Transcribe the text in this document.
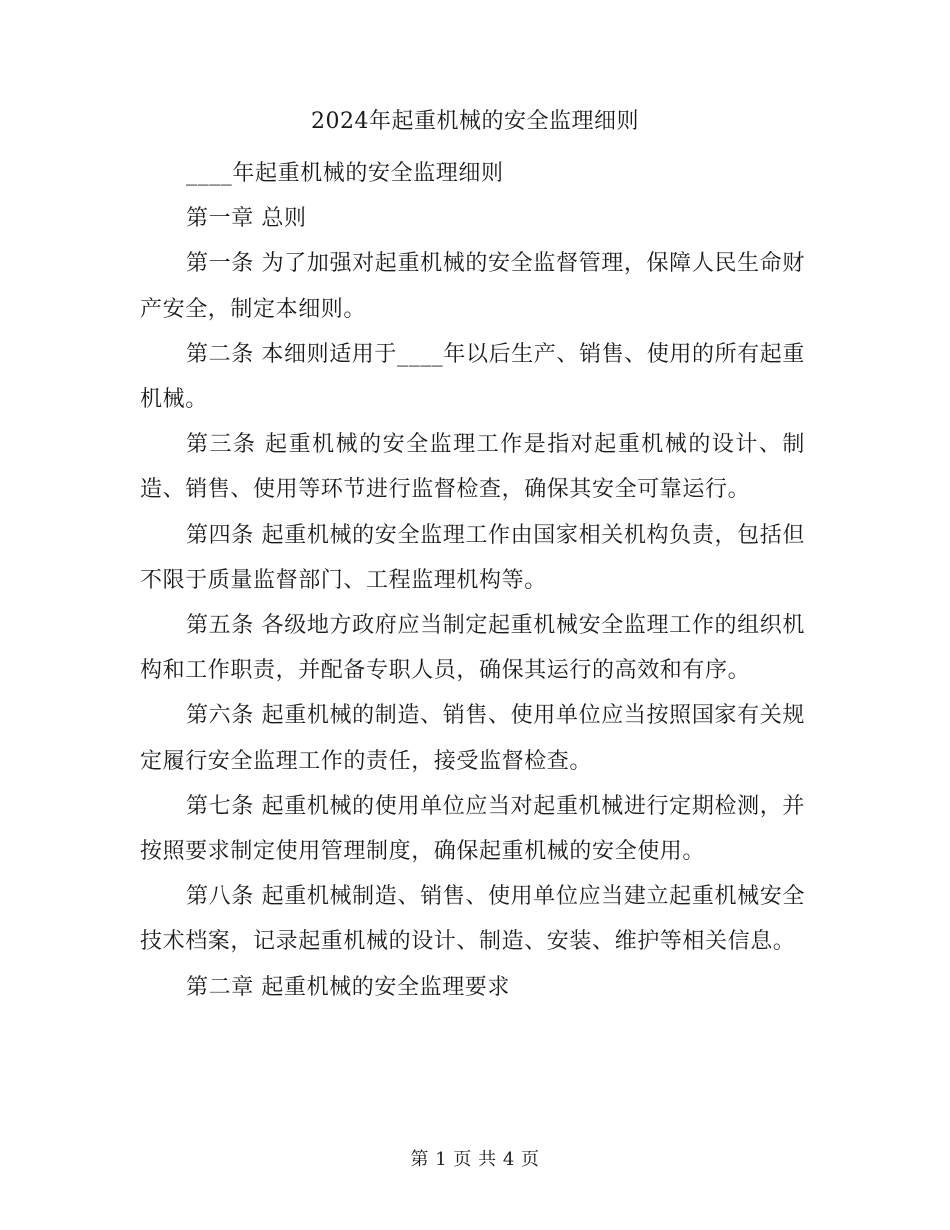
2024年起重机械的安全监理细则

____年起重机械的安全监理细则

第一章 总则

第一条 为了加强对起重机械的安全监督管理，保障人民生命财产安全，制定本细则。

第二条 本细则适用于____年以后生产、销售、使用的所有起重机械。

第三条 起重机械的安全监理工作是指对起重机械的设计、制造、销售、使用等环节进行监督检查，确保其安全可靠运行。

第四条 起重机械的安全监理工作由国家相关机构负责，包括但不限于质量监督部门、工程监理机构等。

第五条 各级地方政府应当制定起重机械安全监理工作的组织机构和工作职责，并配备专职人员，确保其运行的高效和有序。

第六条 起重机械的制造、销售、使用单位应当按照国家有关规定履行安全监理工作的责任，接受监督检查。

第七条 起重机械的使用单位应当对起重机械进行定期检测，并按照要求制定使用管理制度，确保起重机械的安全使用。

第八条 起重机械制造、销售、使用单位应当建立起重机械安全技术档案，记录起重机械的设计、制造、安装、维护等相关信息。

第二章 起重机械的安全监理要求

第 1 页 共 4 页
